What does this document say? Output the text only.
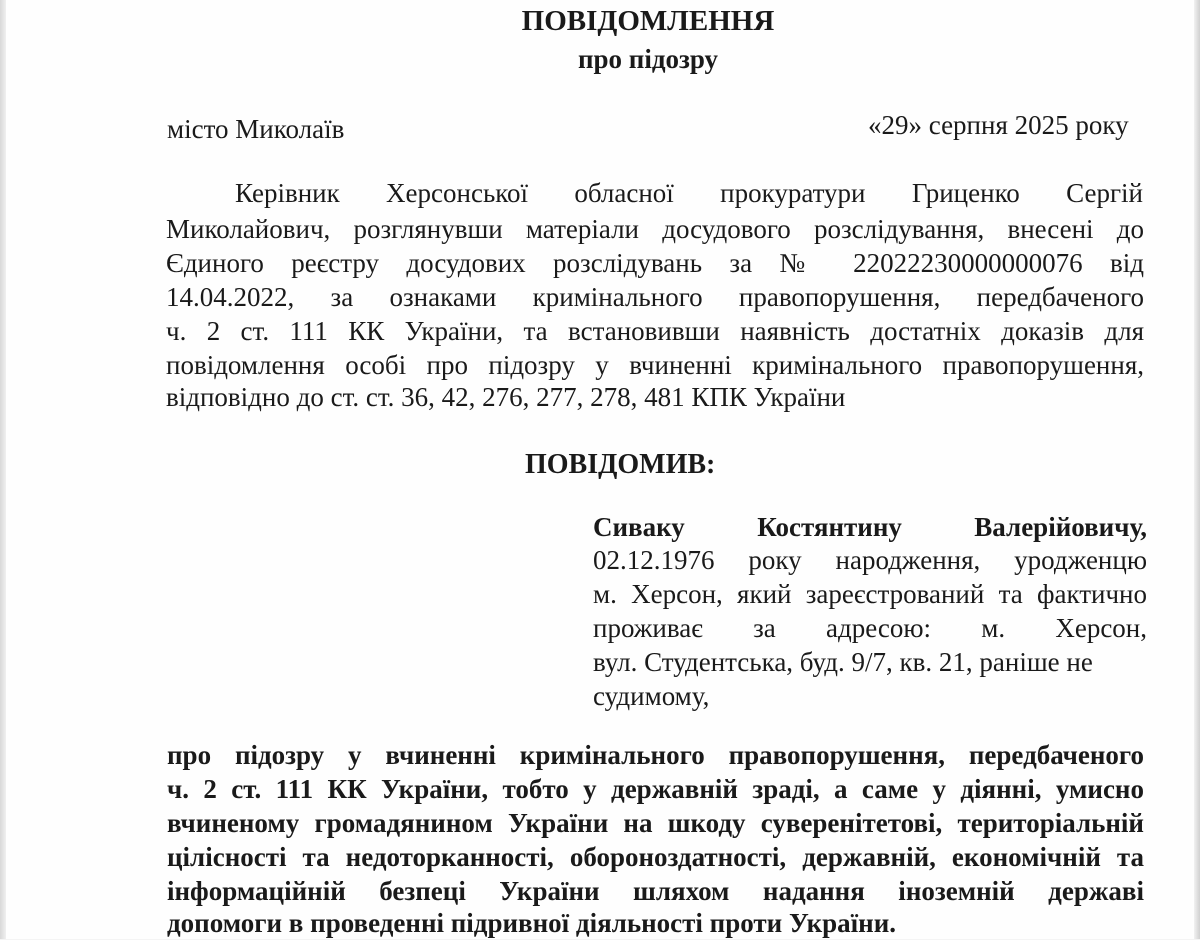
ПОВІДОМЛЕННЯ
про підозру
місто Миколаїв	«29» серпня 2025 року
Керівник Херсонської обласної прокуратури Гриценко Сергій
Миколайович, розглянувши матеріали досудового розслідування, внесені до
Єдиного реєстру досудових розслідувань за № 22022230000000076 від
14.04.2022, за ознаками кримінального правопорушення, передбаченого
ч. 2 ст. 111 КК України, та встановивши наявність достатніх доказів для
повідомлення особі про підозру у вчиненні кримінального правопорушення,
відповідно до ст. ст. 36, 42, 276, 277, 278, 481 КПК України
ПОВІДОМИВ:
Сиваку Костянтину Валерійовичу,
02.12.1976 року народження, уродженцю
м. Херсон, який зареєстрований та фактично
проживає за адресою: м. Херсон,
вул. Студентська, буд. 9/7, кв. 21, раніше не
судимому,
про підозру у вчиненні кримінального правопорушення, передбаченого
ч. 2 ст. 111 КК України, тобто у державній зраді, а саме у діянні, умисно
вчиненому громадянином України на шкоду суверенітетові, територіальній
цілісності та недоторканності, обороноздатності, державній, економічній та
інформаційній безпеці України шляхом надання іноземній державі
допомоги в проведенні підривної діяльності проти України.
